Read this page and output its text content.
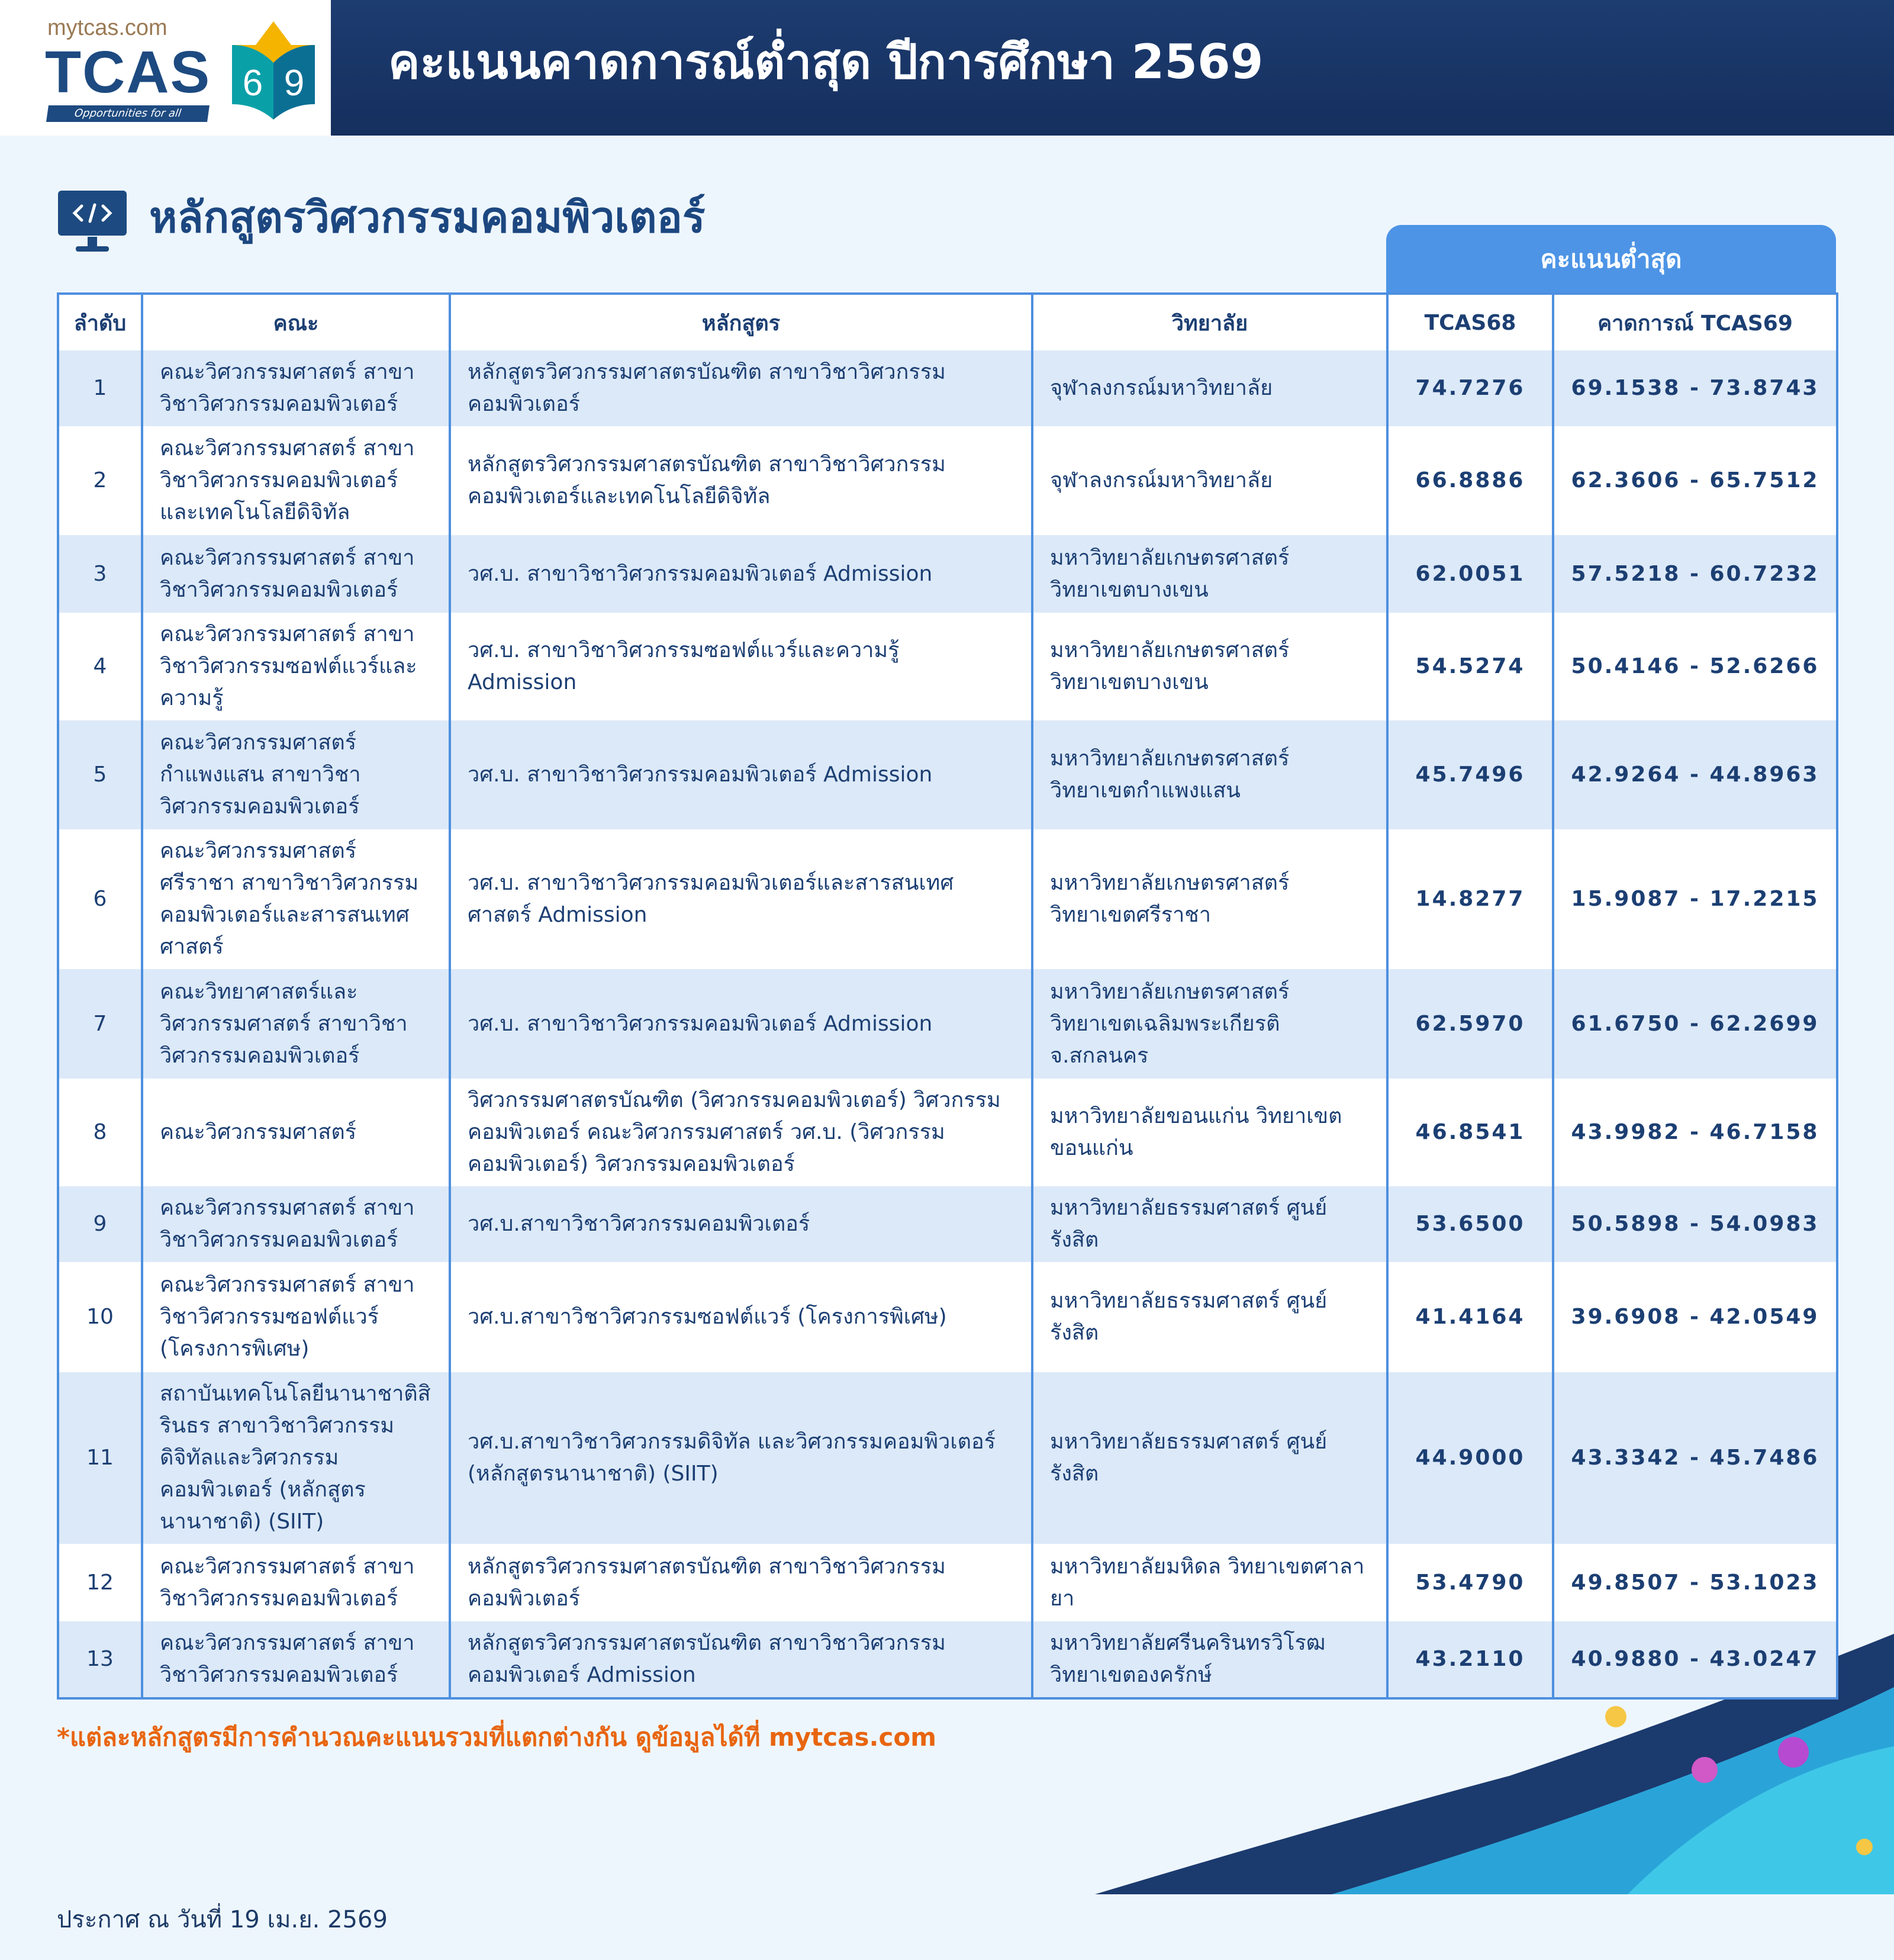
mytcas.com
TCAS
Opportunities for all
6 9 คะแนนคาดการณ์ต่ำสุด ปีการศึกษา 2569
หลักสูตรวิศวกรรมคอมพิวเตอร์
คะแนนต่ำสุด
ลำดับ	คณะ	หลักสูตร	วิทยาลัย	TCAS68	คาดการณ์ TCAS69
1	คณะวิศวกรรมศาสตร์ สาขาวิชาวิศวกรรมคอมพิวเตอร์	หลักสูตรวิศวกรรมศาสตรบัณฑิต สาขาวิชาวิศวกรรมคอมพิวเตอร์	จุฬาลงกรณ์มหาวิทยาลัย	74.7276	69.1538 - 73.8743
2	คณะวิศวกรรมศาสตร์ สาขาวิชาวิศวกรรมคอมพิวเตอร์และเทคโนโลยีดิจิทัล	หลักสูตรวิศวกรรมศาสตรบัณฑิต สาขาวิชาวิศวกรรมคอมพิวเตอร์และเทคโนโลยีดิจิทัล	จุฬาลงกรณ์มหาวิทยาลัย	66.8886	62.3606 - 65.7512
3	คณะวิศวกรรมศาสตร์ สาขาวิชาวิศวกรรมคอมพิวเตอร์	วศ.บ. สาขาวิชาวิศวกรรมคอมพิวเตอร์ Admission	มหาวิทยาลัยเกษตรศาสตร์ วิทยาเขตบางเขน	62.0051	57.5218 - 60.7232
4	คณะวิศวกรรมศาสตร์ สาขาวิชาวิศวกรรมซอฟต์แวร์และความรู้	วศ.บ. สาขาวิชาวิศวกรรมซอฟต์แวร์และความรู้ Admission	มหาวิทยาลัยเกษตรศาสตร์ วิทยาเขตบางเขน	54.5274	50.4146 - 52.6266
5	คณะวิศวกรรมศาสตร์กำแพงแสน สาขาวิชาวิศวกรรมคอมพิวเตอร์	วศ.บ. สาขาวิชาวิศวกรรมคอมพิวเตอร์ Admission	มหาวิทยาลัยเกษตรศาสตร์ วิทยาเขตกำแพงแสน	45.7496	42.9264 - 44.8963
6	คณะวิศวกรรมศาสตร์ ศรีราชา สาขาวิชาวิศวกรรมคอมพิวเตอร์และสารสนเทศศาสตร์	วศ.บ. สาขาวิชาวิศวกรรมคอมพิวเตอร์และสารสนเทศศาสตร์ Admission	มหาวิทยาลัยเกษตรศาสตร์ วิทยาเขตศรีราชา	14.8277	15.9087 - 17.2215
7	คณะวิทยาศาสตร์และวิศวกรรมศาสตร์ สาขาวิชาวิศวกรรมคอมพิวเตอร์	วศ.บ. สาขาวิชาวิศวกรรมคอมพิวเตอร์ Admission	มหาวิทยาลัยเกษตรศาสตร์ วิทยาเขตเฉลิมพระเกียรติ จ.สกลนคร	62.5970	61.6750 - 62.2699
8	คณะวิศวกรรมศาสตร์	วิศวกรรมศาสตรบัณฑิต (วิศวกรรมคอมพิวเตอร์) วิศวกรรมคอมพิวเตอร์ คณะวิศวกรรมศาสตร์ วศ.บ. (วิศวกรรมคอมพิวเตอร์) วิศวกรรมคอมพิวเตอร์	มหาวิทยาลัยขอนแก่น วิทยาเขตขอนแก่น	46.8541	43.9982 - 46.7158
9	คณะวิศวกรรมศาสตร์ สาขาวิชาวิศวกรรมคอมพิวเตอร์	วศ.บ.สาขาวิชาวิศวกรรมคอมพิวเตอร์	มหาวิทยาลัยธรรมศาสตร์ ศูนย์รังสิต	53.6500	50.5898 - 54.0983
10	คณะวิศวกรรมศาสตร์ สาขาวิชาวิศวกรรมซอฟต์แวร์ (โครงการพิเศษ)	วศ.บ.สาขาวิชาวิศวกรรมซอฟต์แวร์ (โครงการพิเศษ)	มหาวิทยาลัยธรรมศาสตร์ ศูนย์รังสิต	41.4164	39.6908 - 42.0549
11	สถาบันเทคโนโลยีนานาชาติสิรินธร สาขาวิชาวิศวกรรมดิจิทัลและวิศวกรรมคอมพิวเตอร์ (หลักสูตรนานาชาติ) (SIIT)	วศ.บ.สาขาวิชาวิศวกรรมดิจิทัล และวิศวกรรมคอมพิวเตอร์ (หลักสูตรนานาชาติ) (SIIT)	มหาวิทยาลัยธรรมศาสตร์ ศูนย์รังสิต	44.9000	43.3342 - 45.7486
12	คณะวิศวกรรมศาสตร์ สาขาวิชาวิศวกรรมคอมพิวเตอร์	หลักสูตรวิศวกรรมศาสตรบัณฑิต สาขาวิชาวิศวกรรมคอมพิวเตอร์	มหาวิทยาลัยมหิดล วิทยาเขตศาลายา	53.4790	49.8507 - 53.1023
13	คณะวิศวกรรมศาสตร์ สาขาวิชาวิศวกรรมคอมพิวเตอร์	หลักสูตรวิศวกรรมศาสตรบัณฑิต สาขาวิชาวิศวกรรมคอมพิวเตอร์ Admission	มหาวิทยาลัยศรีนครินทรวิโรฒ วิทยาเขตองครักษ์	43.2110	40.9880 - 43.0247
*แต่ละหลักสูตรมีการคำนวณคะแนนรวมที่แตกต่างกัน ดูข้อมูลได้ที่ mytcas.com
ประกาศ ณ วันที่ 19 เม.ย. 2569
